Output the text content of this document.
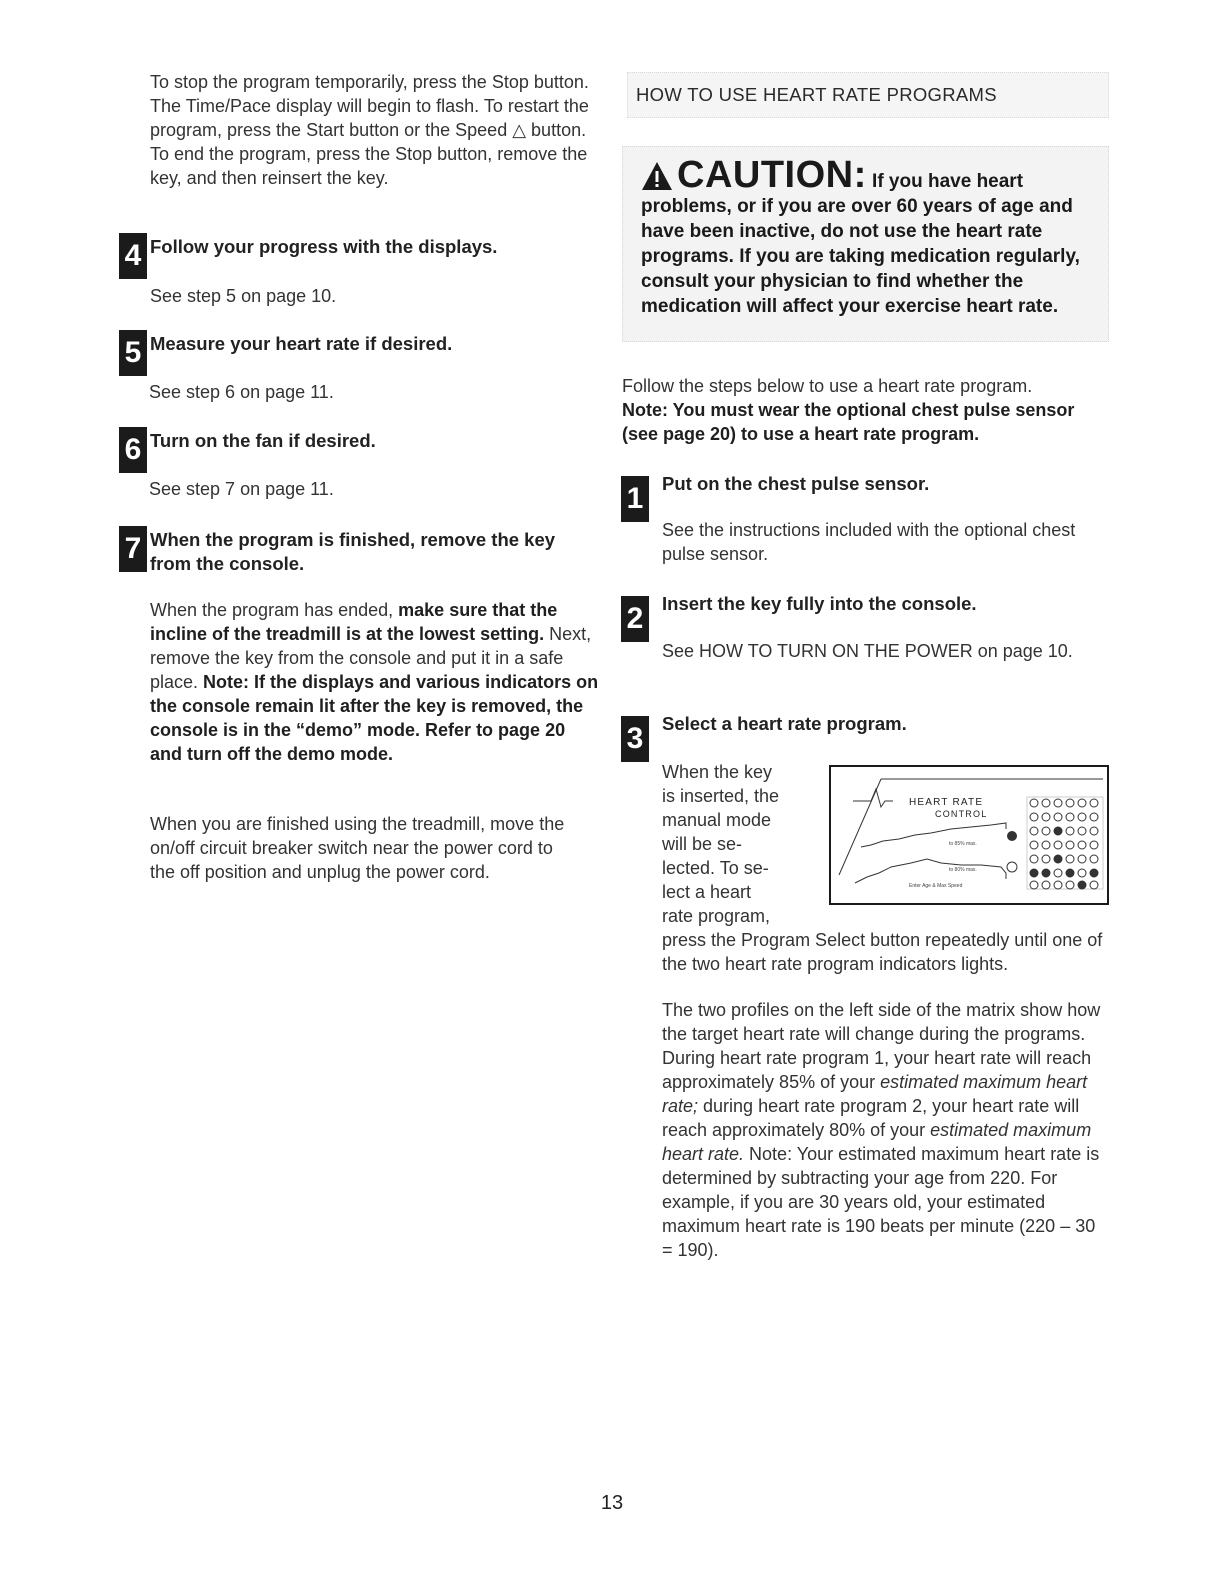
To stop the program temporarily, press the Stop button. The Time/Pace display will begin to flash. To restart the program, press the Start button or the Speed △ button. To end the program, press the Stop button, remove the key, and then reinsert the key.
4 Follow your progress with the displays.
See step 5 on page 10.
5 Measure your heart rate if desired.
See step 6 on page 11.
6 Turn on the fan if desired.
See step 7 on page 11.
7 When the program is finished, remove the key from the console.
When the program has ended, make sure that the incline of the treadmill is at the lowest setting. Next, remove the key from the console and put it in a safe place. Note: If the displays and various indicators on the console remain lit after the key is removed, the console is in the “demo” mode. Refer to page 20 and turn off the demo mode.
When you are finished using the treadmill, move the on/off circuit breaker switch near the power cord to the off position and unplug the power cord.
HOW TO USE HEART RATE PROGRAMS
CAUTION: If you have heart problems, or if you are over 60 years of age and have been inactive, do not use the heart rate programs. If you are taking medication regularly, consult your physician to find whether the medication will affect your exercise heart rate.
Follow the steps below to use a heart rate program.
Note: You must wear the optional chest pulse sensor (see page 20) to use a heart rate program.
1	Put on the chest pulse sensor.
See the instructions included with the optional chest pulse sensor.
2	Insert the key fully into the console.
See HOW TO TURN ON THE POWER on page 10.
3	Select a heart rate program.
When the key
is inserted, the
manual mode
will be se-
lected. To se-
lect a heart
rate program,
press the Program Select button repeatedly until one of the two heart rate program indicators lights.
HEART RATE
CONTROL
to 85% max.
to 80% max.
Enter Age & Max Speed
The two profiles on the left side of the matrix show how the target heart rate will change during the programs. During heart rate program 1, your heart rate will reach approximately 85% of your estimated maximum heart rate; during heart rate program 2, your heart rate will reach approximately 80% of your estimated maximum heart rate. Note: Your estimated maximum heart rate is determined by subtracting your age from 220. For example, if you are 30 years old, your estimated maximum heart rate is 190 beats per minute (220 – 30 = 190).
13
